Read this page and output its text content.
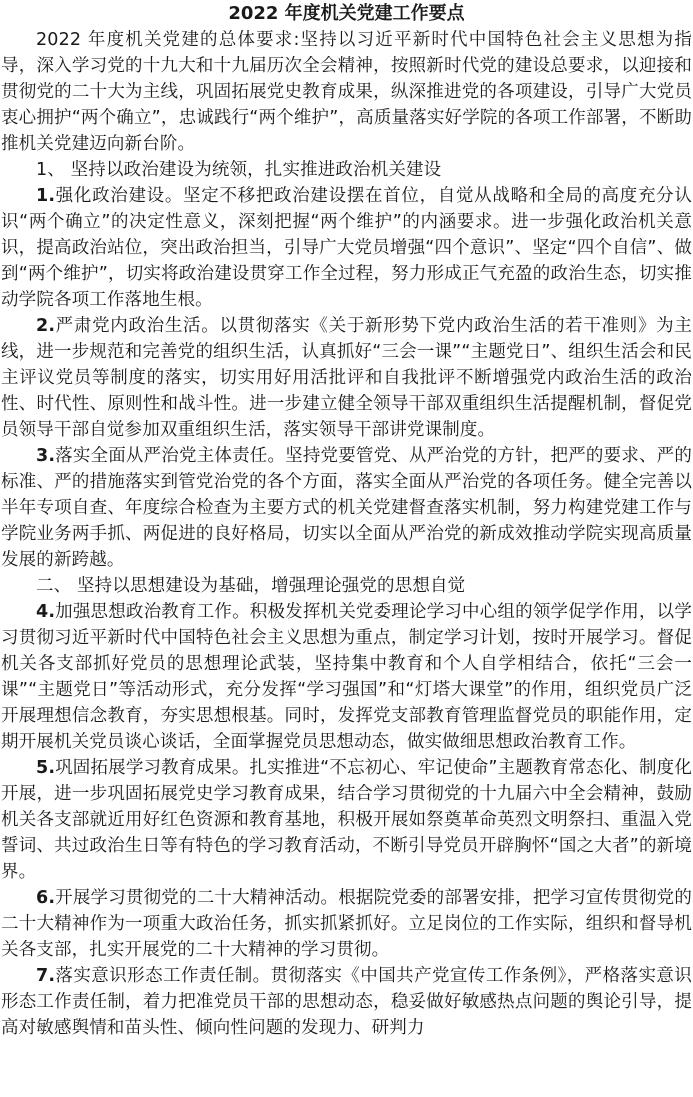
2022 年度机关党建工作要点

2022 年度机关党建的总体要求:坚持以习近平新时代中国特色社会主义思想为指导，深入学习党的十九大和十九届历次全会精神，按照新时代党的建设总要求，以迎接和贯彻党的二十大为主线，巩固拓展党史教育成果，纵深推进党的各项建设，引导广大党员衷心拥护“两个确立”，忠诚践行“两个维护”，高质量落实好学院的各项工作部署，不断助推机关党建迈向新台阶。

1、 坚持以政治建设为统领，扎实推进政治机关建设

1.强化政治建设。坚定不移把政治建设摆在首位，自觉从战略和全局的高度充分认识“两个确立”的决定性意义，深刻把握“两个维护”的内涵要求。进一步强化政治机关意识，提高政治站位，突出政治担当，引导广大党员增强“四个意识”、坚定“四个自信”、做到“两个维护”，切实将政治建设贯穿工作全过程，努力形成正气充盈的政治生态，切实推动学院各项工作落地生根。

2.严肃党内政治生活。以贯彻落实《关于新形势下党内政治生活的若干准则》为主线，进一步规范和完善党的组织生活，认真抓好“三会一课”“主题党日”、组织生活会和民主评议党员等制度的落实，切实用好用活批评和自我批评不断增强党内政治生活的政治性、时代性、原则性和战斗性。进一步建立健全领导干部双重组织生活提醒机制，督促党员领导干部自觉参加双重组织生活，落实领导干部讲党课制度。

3.落实全面从严治党主体责任。坚持党要管党、从严治党的方针，把严的要求、严的标准、严的措施落实到管党治党的各个方面，落实全面从严治党的各项任务。健全完善以半年专项自查、年度综合检查为主要方式的机关党建督查落实机制，努力构建党建工作与学院业务两手抓、两促进的良好格局，切实以全面从严治党的新成效推动学院实现高质量发展的新跨越。

二、 坚持以思想建设为基础，增强理论强党的思想自觉

4.加强思想政治教育工作。积极发挥机关党委理论学习中心组的领学促学作用，以学习贯彻习近平新时代中国特色社会主义思想为重点，制定学习计划，按时开展学习。督促机关各支部抓好党员的思想理论武装，坚持集中教育和个人自学相结合，依托“三会一课”“主题党日”等活动形式，充分发挥“学习强国”和“灯塔大课堂”的作用，组织党员广泛开展理想信念教育，夯实思想根基。同时，发挥党支部教育管理监督党员的职能作用，定期开展机关党员谈心谈话，全面掌握党员思想动态，做实做细思想政治教育工作。

5.巩固拓展学习教育成果。扎实推进“不忘初心、牢记使命”主题教育常态化、制度化开展，进一步巩固拓展党史学习教育成果，结合学习贯彻党的十九届六中全会精神，鼓励机关各支部就近用好红色资源和教育基地，积极开展如祭奠革命英烈文明祭扫、重温入党誓词、共过政治生日等有特色的学习教育活动，不断引导党员开辟胸怀“国之大者”的新境界。

6.开展学习贯彻党的二十大精神活动。根据院党委的部署安排，把学习宣传贯彻党的二十大精神作为一项重大政治任务，抓实抓紧抓好。立足岗位的工作实际，组织和督导机关各支部，扎实开展党的二十大精神的学习贯彻。

7.落实意识形态工作责任制。贯彻落实《中国共产党宣传工作条例》，严格落实意识形态工作责任制，着力把准党员干部的思想动态，稳妥做好敏感热点问题的舆论引导，提高对敏感舆情和苗头性、倾向性问题的发现力、研判力
